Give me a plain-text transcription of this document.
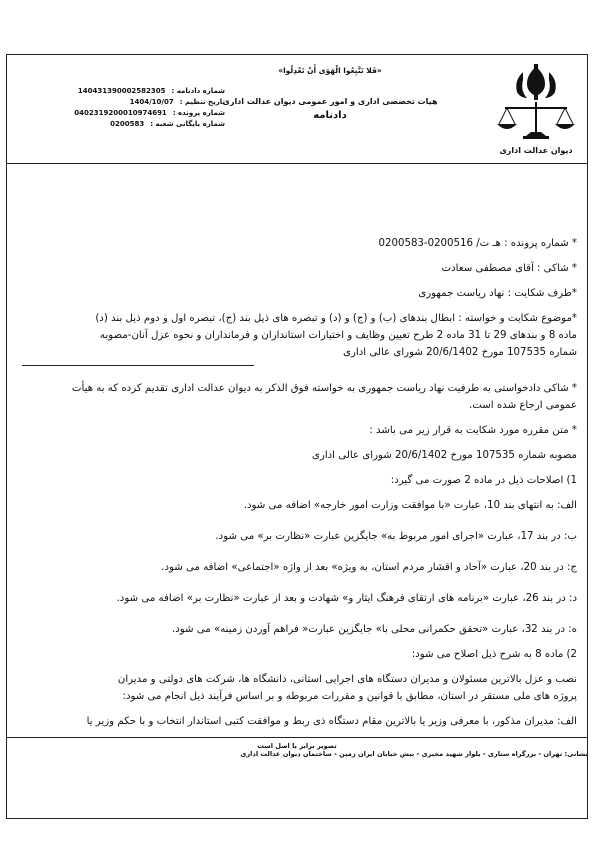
دیوان عدالت اداری
«فَلا تَتَّبِعُوا الْهَوَى أَنْ تَعْدِلُوا»
هیات تخصصی اداری و امور عمومی دیوان عدالت اداری
دادنامه
شماره دادنامه :
140431390002582305
تاریخ تنظیم :
1404/10/07
شماره پرونده :
0402319200010974691
شماره بایگانی شعبه :
0200583
* شماره پرونده : هـ ت/ 0200516-0200583
* شاکی : آقای مصطفی سعادت
*طرف شکایت : نهاد ریاست جمهوری
*موضوع شکایت و خواسته : ابطال بندهای (ب) و (ج) و (د) و تبصره های ذیل بند (ج)، تبصره اول و دوم ذیل بند (د)
ماده 8 و بندهای 29 تا 31 ماده 2 طرح تعیین وظایف و اختیارات استانداران و فرمانداران و نحوه عزل آنان-مصوبه
شماره 107535 مورخ 20/6/1402 شورای عالی اداری
* شاکی دادخواستی به طرفیت نهاد ریاست جمهوری به خواسته فوق الذکر به دیوان عدالت اداری تقدیم کرده که به هیأت
عمومی ارجاع شده است.
* متن مقرره مورد شکایت به قرار زیر می باشد :
مصوبه شماره 107535 مورخ 20/6/1402 شورای عالی اداری
1) اصلاحات ذیل در ماده 2 صورت می گیرد:
الف: به انتهای بند 10، عبارت «با موافقت وزارت امور خارجه» اضافه می شود.
ب: در بند 17، عبارت «اجرای امور مربوط به» جایگزین عبارت «نظارت بر» می شود.
ج: در بند 20، عبارت «آحاد و اقشار مردم استان، به ویژه» بعد از واژه «اجتماعی» اضافه می شود.
د: در بند 26، عبارت «برنامه های ارتقای فرهنگ ایثار و» شهادت و بعد از عبارت «نظارت بر» اضافه می شود.
ه: در بند 32، عبارت «تحقق حکمرانی محلی با» جایگزین عبارت« فراهم آوردن زمینه» می شود.
2) ماده 8 به شرح ذیل اصلاح می شود:
نصب و عزل بالاترین مسئولان و مدیران دستگاه های اجرایی استانی، دانشگاه ها، شرکت های دولتی و مدیران
پروژه های ملی مستقر در استان، مطابق با قوانین و مقررات مربوطه و بر اساس فرآیند ذیل انجام می شود:
الف: مدیران مذکور، با معرفی وزیر یا بالاترین مقام دستگاه ذی ربط و موافقت کتبی استاندار انتخاب و با حکم وزیر یا
تصویر برابر با اصل است
نشانی: تهران - بزرگراه ستاری - بلوار شهید مخبری - نبش خیابان ایران زمین - ساختمان دیوان عدالت اداری
